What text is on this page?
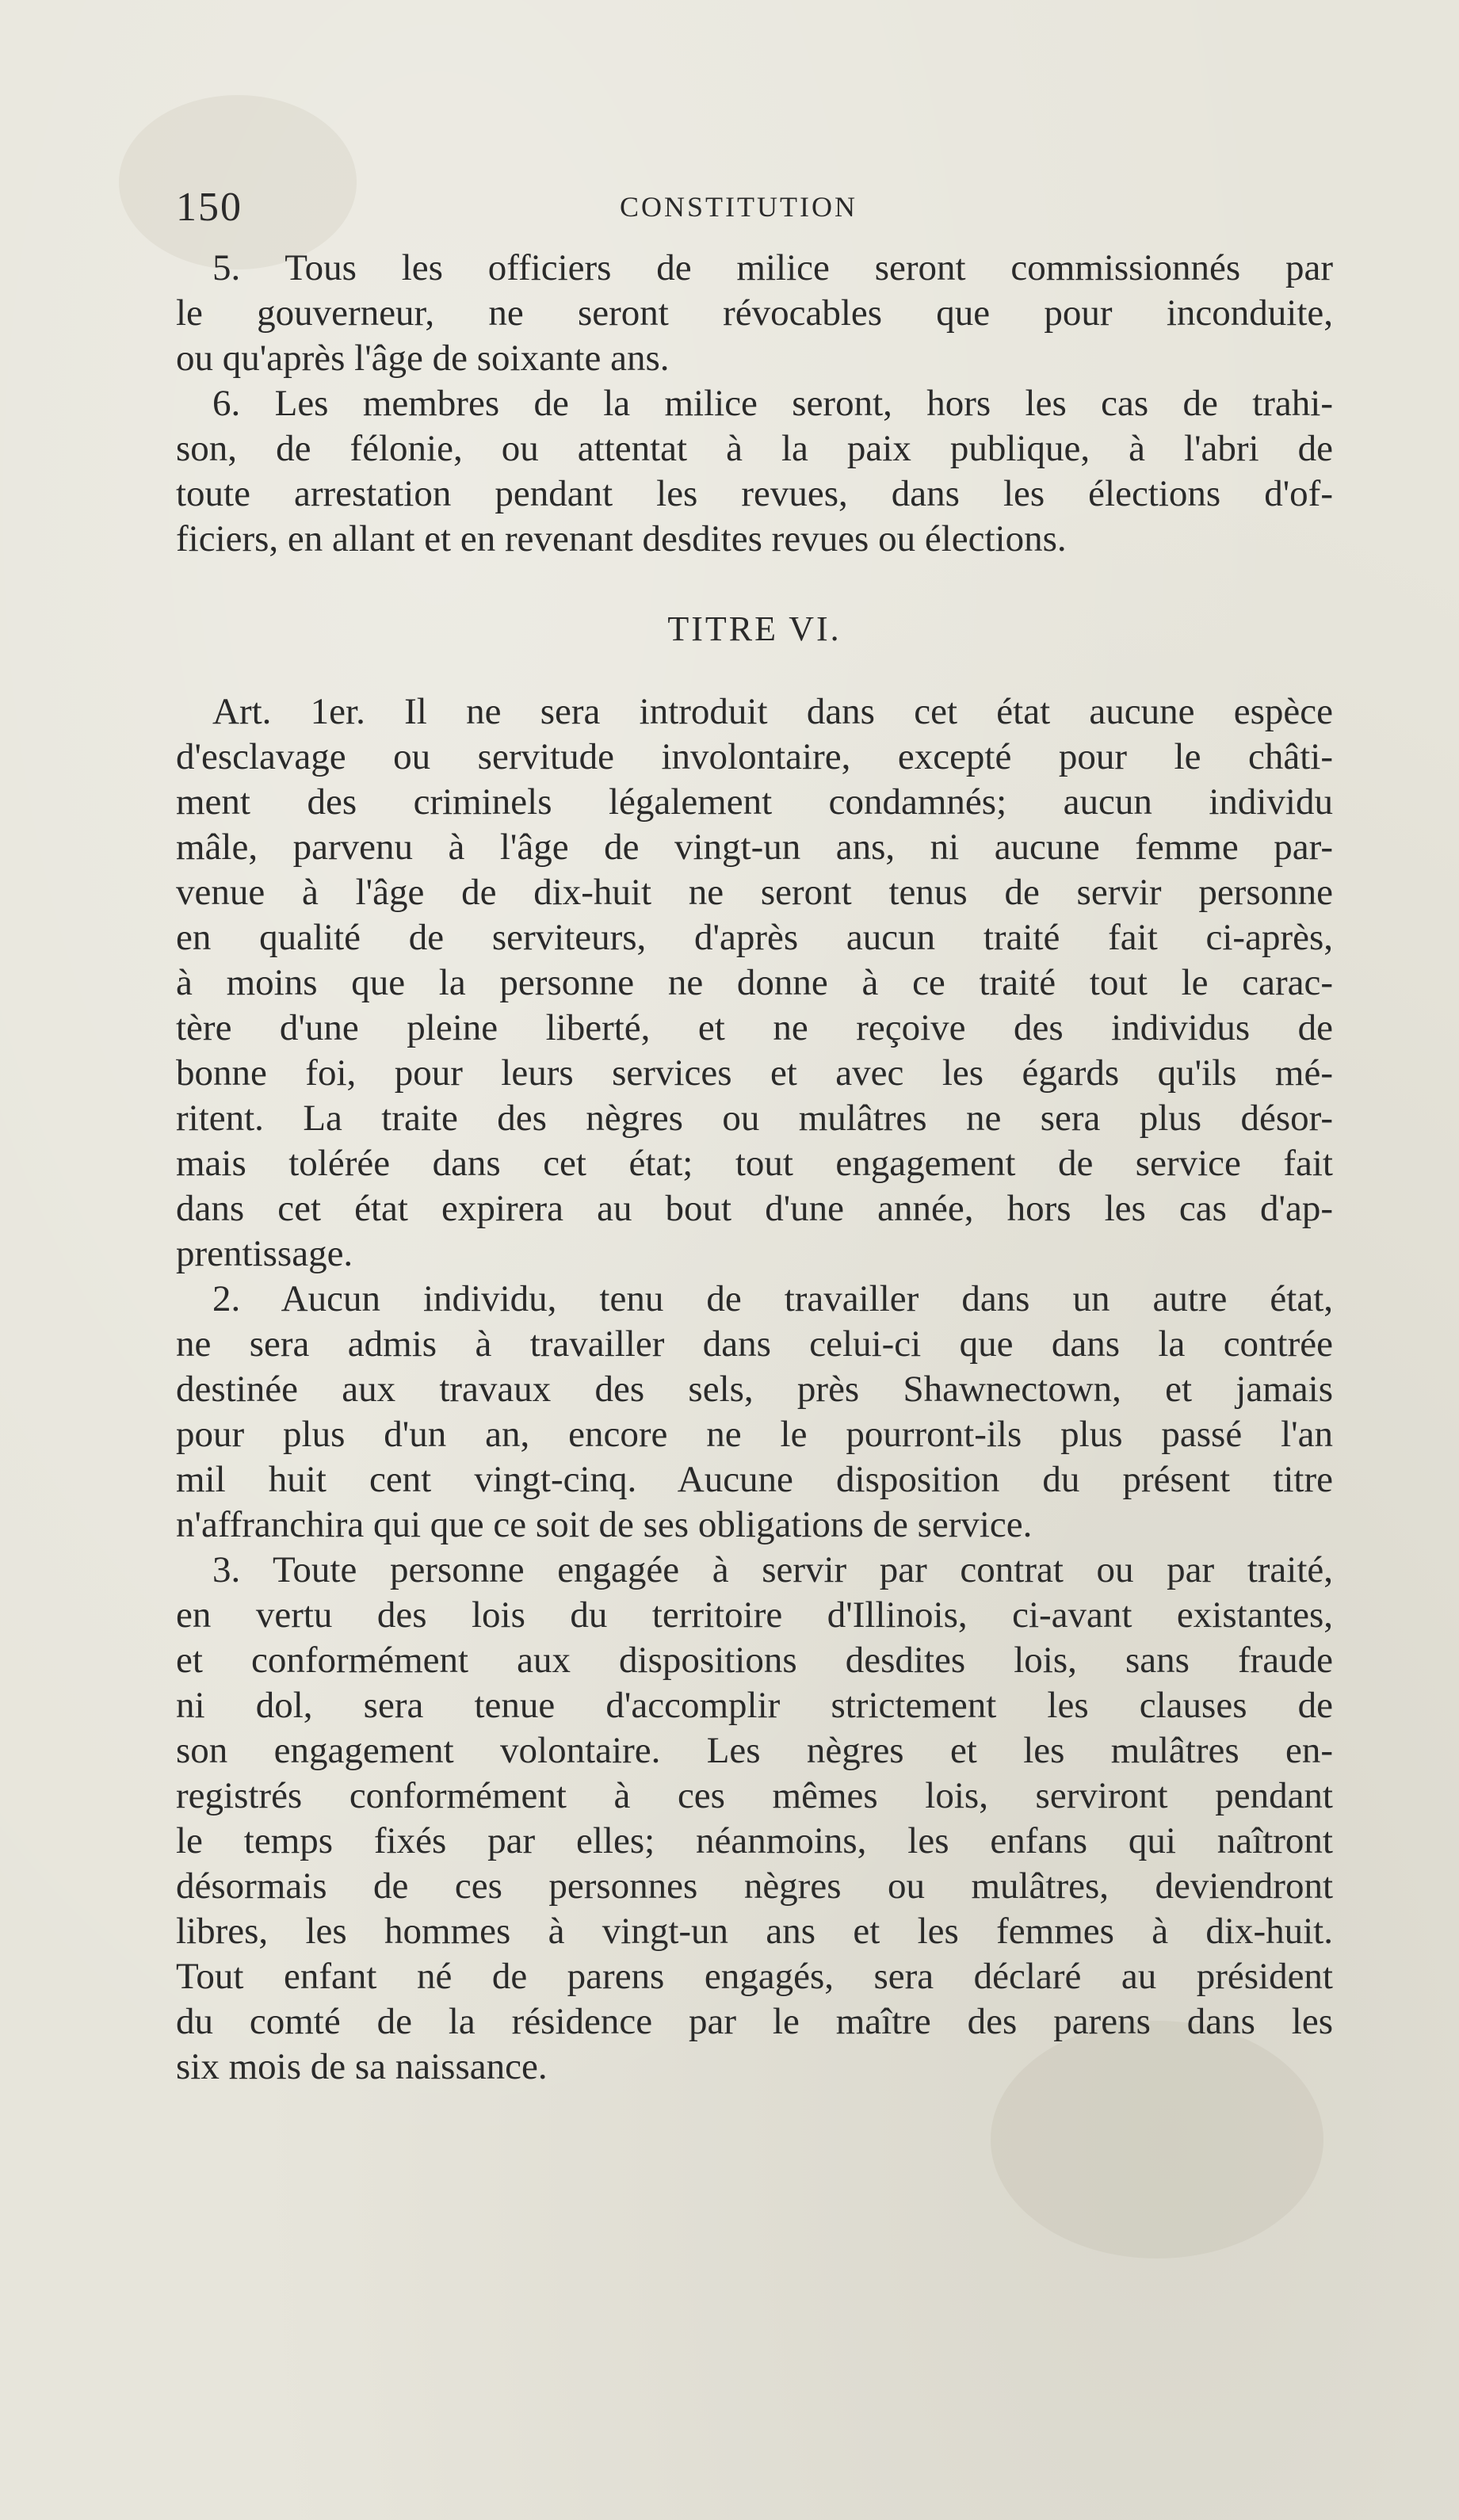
150	CONSTITUTION
5. Tous les officiers de milice seront commissionnés par
le gouverneur, ne seront révocables que pour inconduite,
ou qu'après l'âge de soixante ans.
6. Les membres de la milice seront, hors les cas de trahi-
son, de félonie, ou attentat à la paix publique, à l'abri de
toute arrestation pendant les revues, dans les élections d'of-
ficiers, en allant et en revenant desdites revues ou élections.
TITRE VI.
Art. 1er. Il ne sera introduit dans cet état aucune espèce
d'esclavage ou servitude involontaire, excepté pour le châti-
ment des criminels légalement condamnés; aucun individu
mâle, parvenu à l'âge de vingt-un ans, ni aucune femme par-
venue à l'âge de dix-huit ne seront tenus de servir personne
en qualité de serviteurs, d'après aucun traité fait ci-après,
à moins que la personne ne donne à ce traité tout le carac-
tère d'une pleine liberté, et ne reçoive des individus de
bonne foi, pour leurs services et avec les égards qu'ils mé-
ritent. La traite des nègres ou mulâtres ne sera plus désor-
mais tolérée dans cet état; tout engagement de service fait
dans cet état expirera au bout d'une année, hors les cas d'ap-
prentissage.
2. Aucun individu, tenu de travailler dans un autre état,
ne sera admis à travailler dans celui-ci que dans la contrée
destinée aux travaux des sels, près Shawnectown, et jamais
pour plus d'un an, encore ne le pourront-ils plus passé l'an
mil huit cent vingt-cinq. Aucune disposition du présent titre
n'affranchira qui que ce soit de ses obligations de service.
3. Toute personne engagée à servir par contrat ou par traité,
en vertu des lois du territoire d'Illinois, ci-avant existantes,
et conformément aux dispositions desdites lois, sans fraude
ni dol, sera tenue d'accomplir strictement les clauses de
son engagement volontaire. Les nègres et les mulâtres en-
registrés conformément à ces mêmes lois, serviront pendant
le temps fixés par elles; néanmoins, les enfans qui naîtront
désormais de ces personnes nègres ou mulâtres, deviendront
libres, les hommes à vingt-un ans et les femmes à dix-huit.
Tout enfant né de parens engagés, sera déclaré au président
du comté de la résidence par le maître des parens dans les
six mois de sa naissance.
